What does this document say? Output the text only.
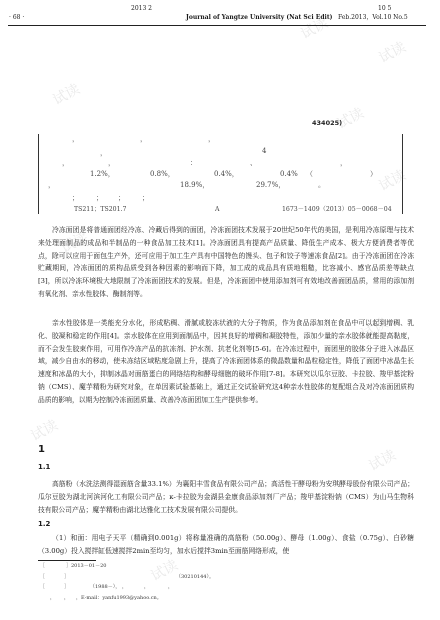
试读
试读
试读
试读
试读
试读
试读
试读
试读
试读
· 68 ·	Journal of Yangtze University (Nat Sci Edit)
2013 2	10 5
Feb.2013，Vol.10 No.5
434025)
，	，	，
，	4
，	，	：	、	，
1.2%，	0.8%，	0.4%，	0.4% （	）
，	18.9%，	29.7%，	。
； ； ； ；
TS211；TS201.7	A	1673－1409（2013）05－0068－04
冷冻面团是将普通面团经冷冻、冷藏后得到的面团，冷冻面团技术发展于20世纪50年代的美国，是利用冷冻原理与技术来处理面制品的成品和半制品的一种食品加工技术[1]。冷冻面团具有提高产品质量、降低生产成本、极大方便消费者等优点，除可以应用于面包生产外，还可应用于加工生产具有中国特色的馒头、包子和饺子等速冻食品[2]。由于冷冻面团在冷冻贮藏期间，冷冻面团的质构品质受到各种因素的影响而下降，加工成的成品具有质地粗糙，比容减小、感官品质差等缺点[3]，所以冷冻环境极大地限制了冷冻面团技术的发展。但是，冷冻面团中使用添加剂可有效地改善面团品质，常用的添加剂有氧化剂、亲水性胶体、酶制剂等。
亲水性胶体是一类能充分水化，形成粘稠、滑腻或胶冻状液的大分子物质，作为食品添加剂在食品中可以起到增稠、乳化、胶凝和稳定的作用[4]。亲水胶体在应用到面制品中，因其良好的增稠和凝胶特性，添加少量的亲水胶体就能提高黏度，而不会发生胶束作用，可用作冷冻产品的抗冻剂、护水剂、抗老化剂等[5-6]。在冷冻过程中，面团里的胶体分子进入冰晶区域，减少自由水的移动，使未冻结区域粘度急剧上升，提高了冷冻面团体系的微晶数量和晶粒稳定性，降低了面团中冰晶生长速度和冰晶的大小，抑制冰晶对面筋蛋白的网络结构和酵母细胞的破坏作用[7-8]。本研究以瓜尔豆胶、卡拉胶、羧甲基淀粉钠（CMS）、魔芋精粉为研究对象，在单因素试验基础上，通过正交试验研究这4种亲水性胶体的复配组合及对冷冻面团质构品质的影响，以期为控制冷冻面团质量、改善冷冻面团加工生产提供参考。
1
1.1
高筋粉（水洗法测得湿面筋含量33.1%）为襄阳丰雪食品有限公司产品；高活性干酵母粉为安琪酵母股份有限公司产品；瓜尔豆胶为湖北河滨河化工有限公司产品；κ-卡拉胶为金湖县金康食品添加剂厂产品；羧甲基淀粉钠（CMS）为山马生物科技有限公司产品；魔芋精粉由湖北达雅化工技术发展有限公司提供。
1.2
（1）和面：用电子天平（精确到0.001g）将称量准确的高筋粉（50.00g）、酵母（1.00g）、食盐（0.75g）、白砂糖（3.00g）投入搅拌缸低速搅拌2min至均匀，加水后搅拌3min至面筋网络形成，使
［	］2013－01－20
［	］	（30210144）。
［	］	（1988－）， ，	，	，
， ， ，E-mail：yanfu1993@yahoo.cn。
